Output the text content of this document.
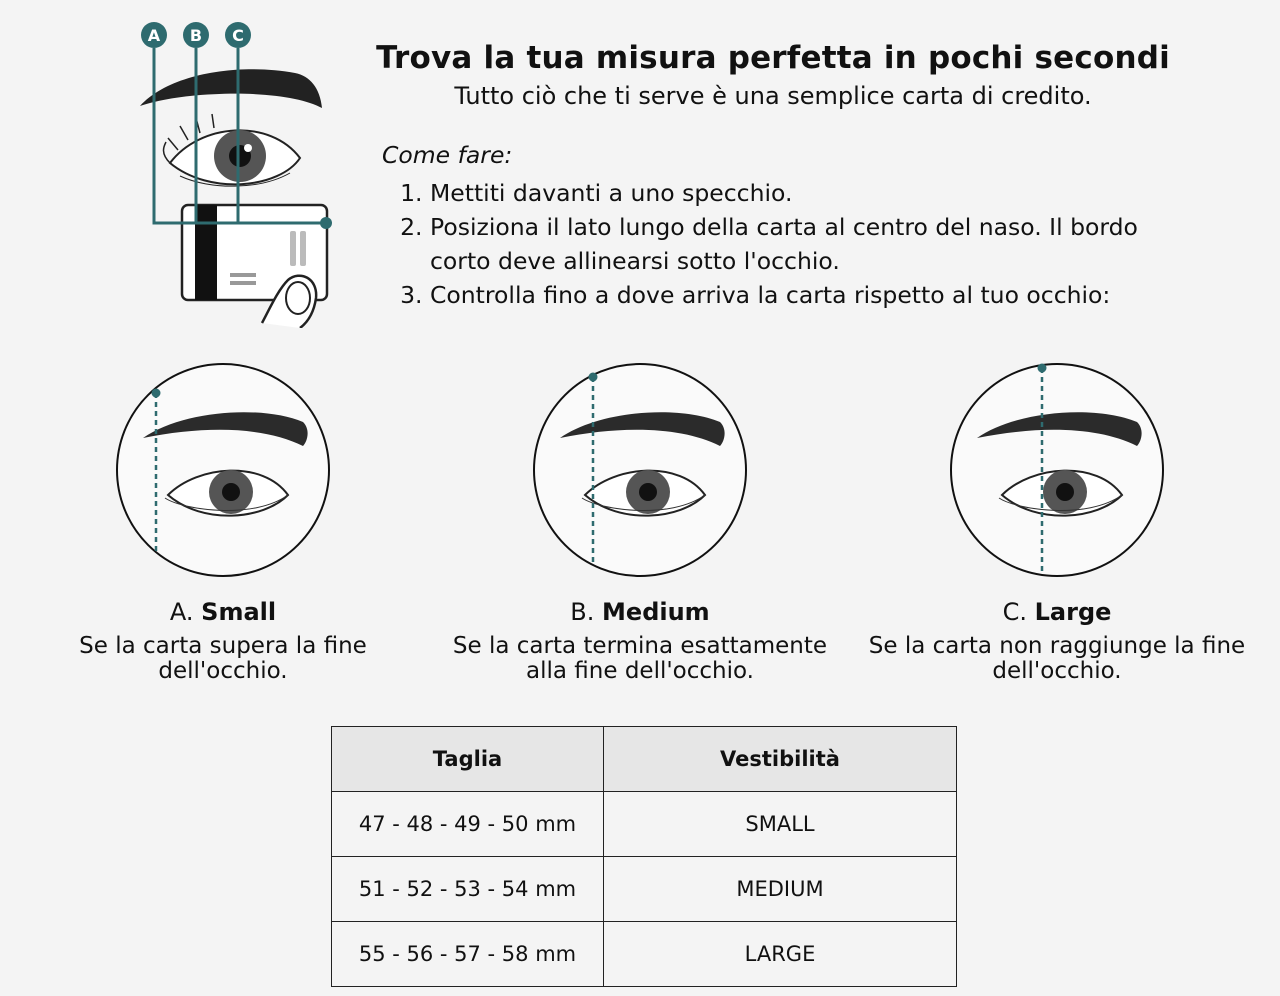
A B C
Trova la tua misura perfetta in pochi secondi
Tutto ciò che ti serve è una semplice carta di credito.
Come fare:
1. Mettiti davanti a uno specchio.
2. Posiziona il lato lungo della carta al centro del naso. Il bordo corto deve allinearsi sotto l'occhio.
3. Controlla fino a dove arriva la carta rispetto al tuo occhio:
A. Small
Se la carta supera la fine dell'occhio.
B. Medium
Se la carta termina esattamente alla fine dell'occhio.
C. Large
Se la carta non raggiunge la fine dell'occhio.
Taglia	Vestibilità
47 - 48 - 49 - 50 mm	SMALL
51 - 52 - 53 - 54 mm	MEDIUM
55 - 56 - 57 - 58 mm	LARGE
